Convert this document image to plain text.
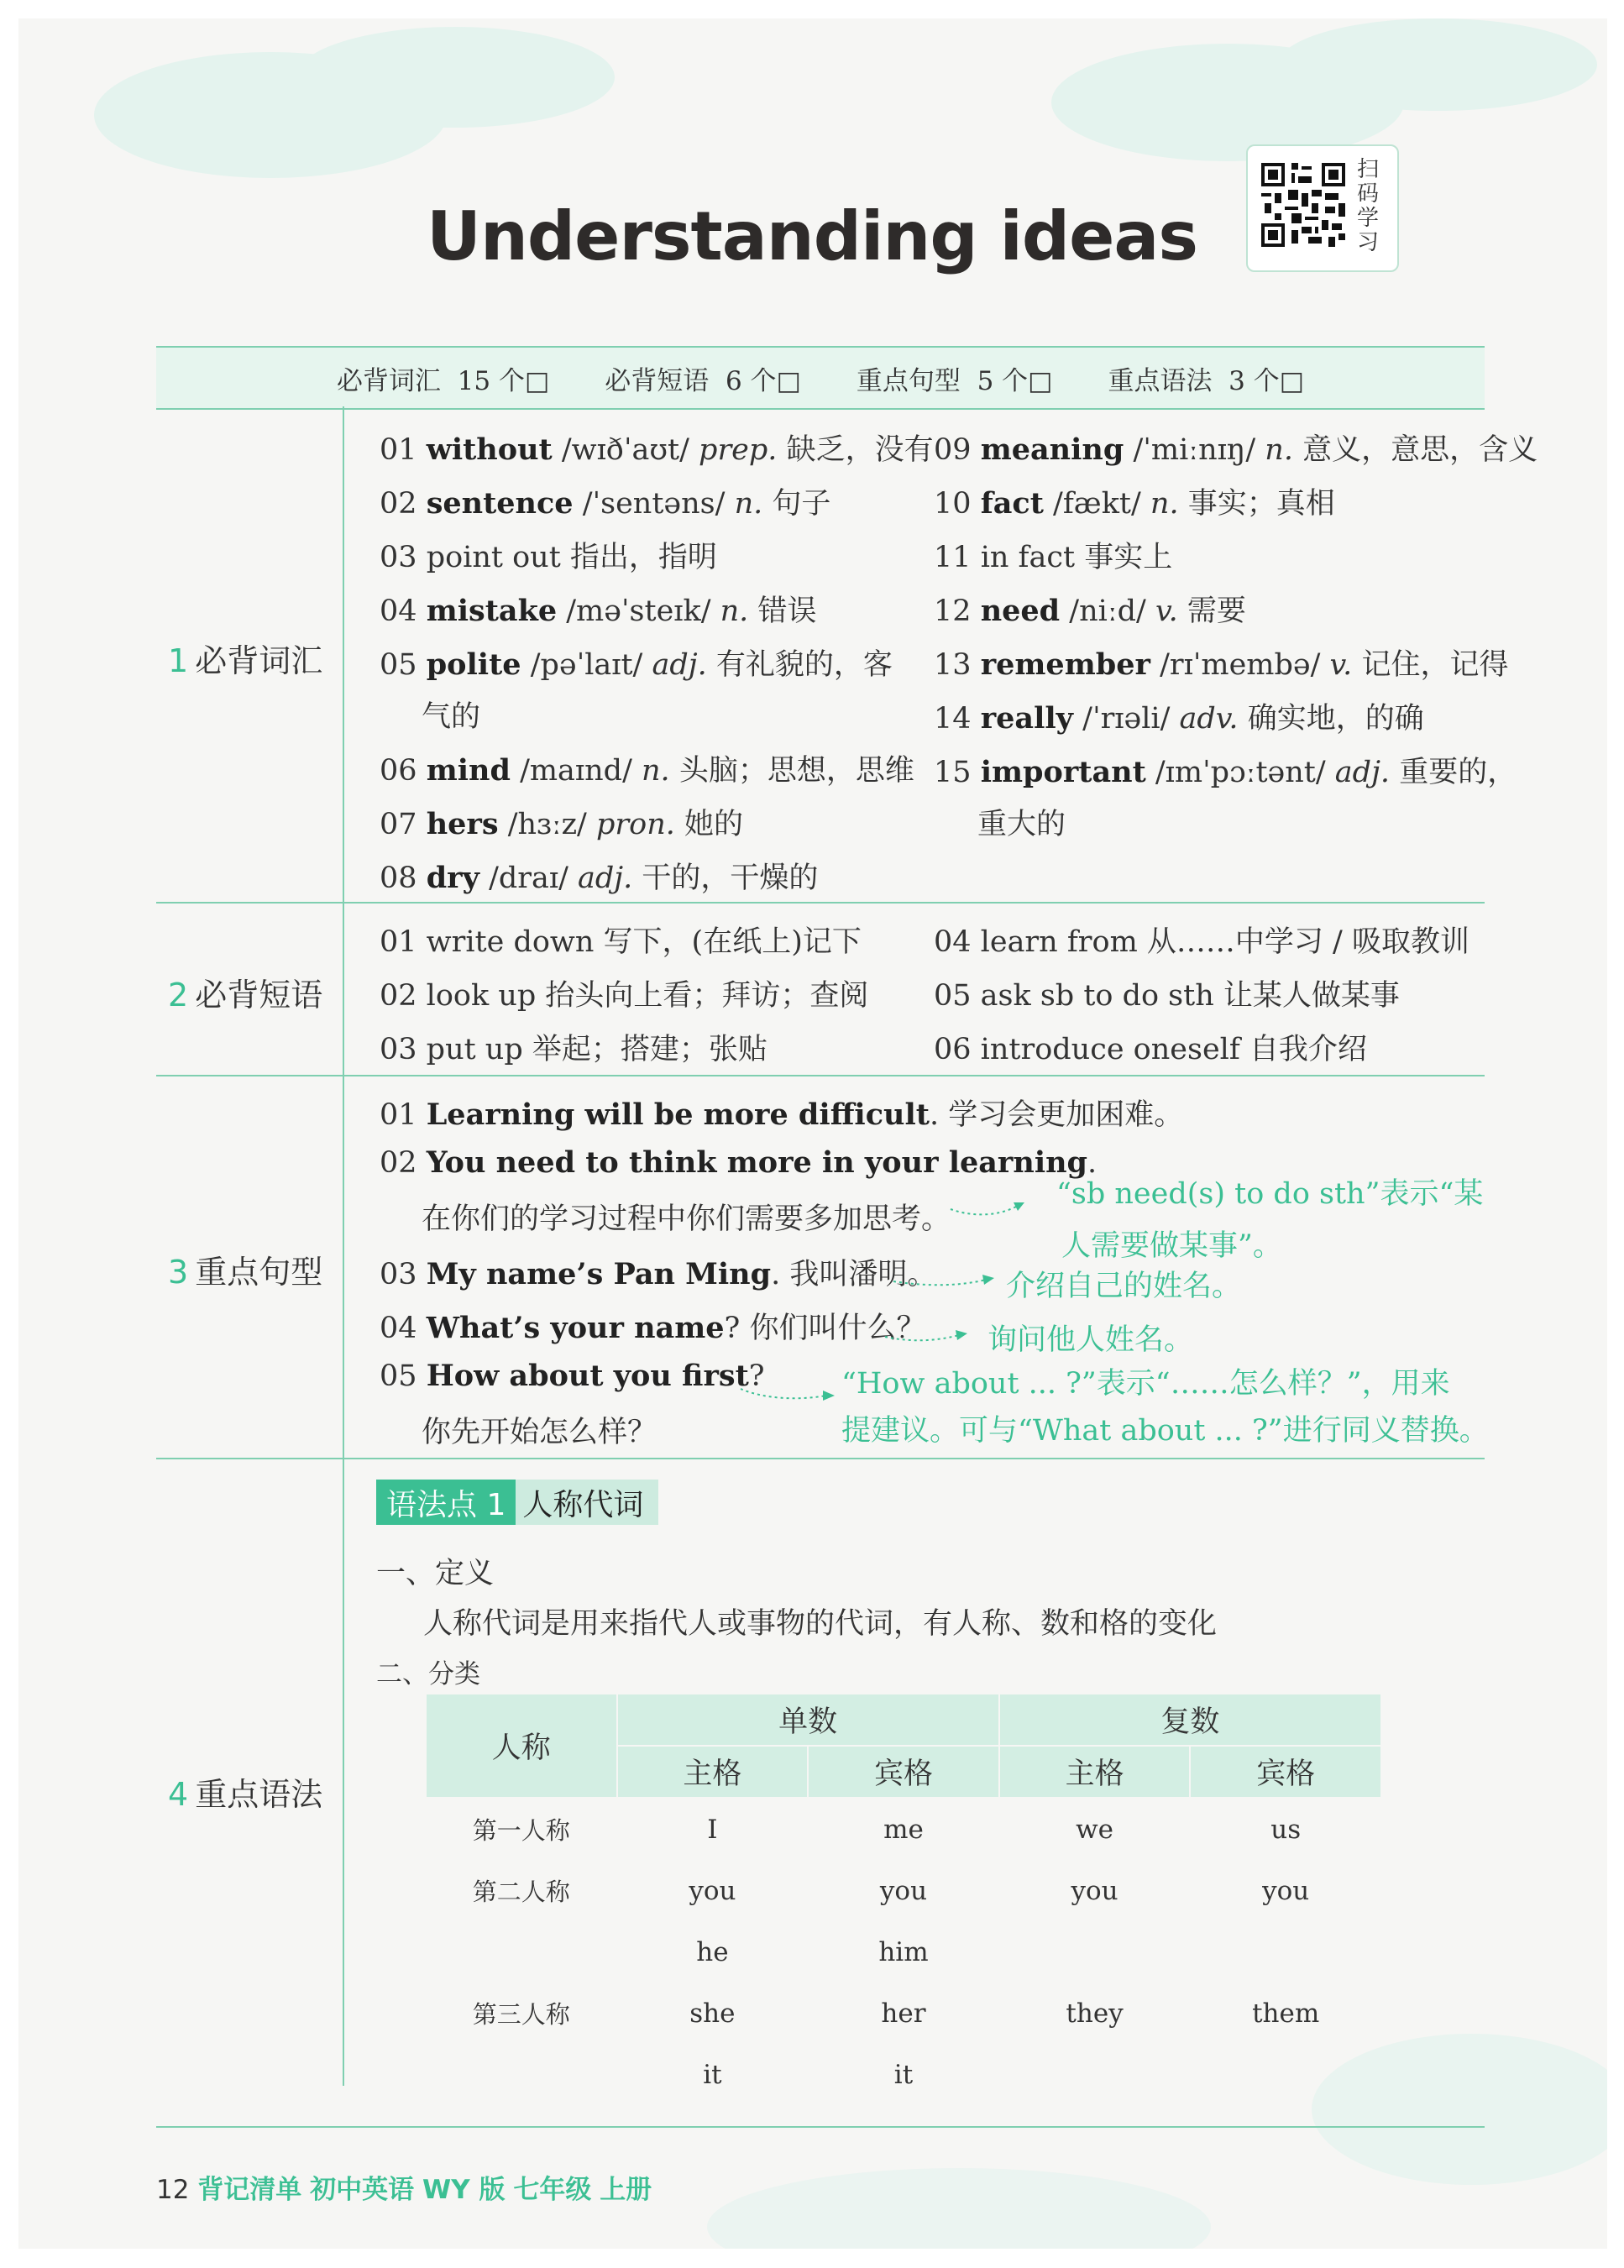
Understanding ideas
扫码学习
必背词汇 15 个□ 必背短语 6 个□ 重点句型 5 个□ 重点语法 3 个□
1 必背词汇
2 必背短语
3 重点句型
4 重点语法
01 without /wɪðˈaʊt/ prep. 缺乏，没有
02 sentence /ˈsentəns/ n. 句子
03 point out 指出，指明
04 mistake /məˈsteɪk/ n. 错误
05 polite /pəˈlaɪt/ adj. 有礼貌的，客
气的
06 mind /maɪnd/ n. 头脑；思想，思维
07 hers /hɜːz/ pron. 她的
08 dry /draɪ/ adj. 干的，干燥的
09 meaning /ˈmiːnɪŋ/ n. 意义，意思，含义
10 fact /fækt/ n. 事实；真相
11 in fact 事实上
12 need /niːd/ v. 需要
13 remember /rɪˈmembə/ v. 记住，记得
14 really /ˈrɪəli/ adv. 确实地，的确
15 important /ɪmˈpɔːtənt/ adj. 重要的，
重大的
01 write down 写下，(在纸上)记下
02 look up 抬头向上看；拜访；查阅
03 put up 举起；搭建；张贴
04 learn from 从……中学习 / 吸取教训
05 ask sb to do sth 让某人做某事
06 introduce oneself 自我介绍
01 Learning will be more difficult. 学习会更加困难。
02 You need to think more in your learning.
在你们的学习过程中你们需要多加思考。
“sb need(s) to do sth”表示“某
人需要做某事”。
03 My name’s Pan Ming. 我叫潘明。 介绍自己的姓名。
04 What’s your name? 你们叫什么？ 询问他人姓名。
05 How about you first?
你先开始怎么样？
“How about ... ?”表示“……怎么样？”，用来
提建议。可与“What about ... ?”进行同义替换。
语法点 1 人称代词
一、定义
人称代词是用来指代人或事物的代词，有人称、数和格的变化
二、分类
人称	单数		复数	
	主格	宾格	主格	宾格
第一人称	I	me	we	us
第二人称	you	you	you	you
第三人称	he	him	they	them
	she	her		
	it	it		
12 背记清单 初中英语 WY 版 七年级 上册
